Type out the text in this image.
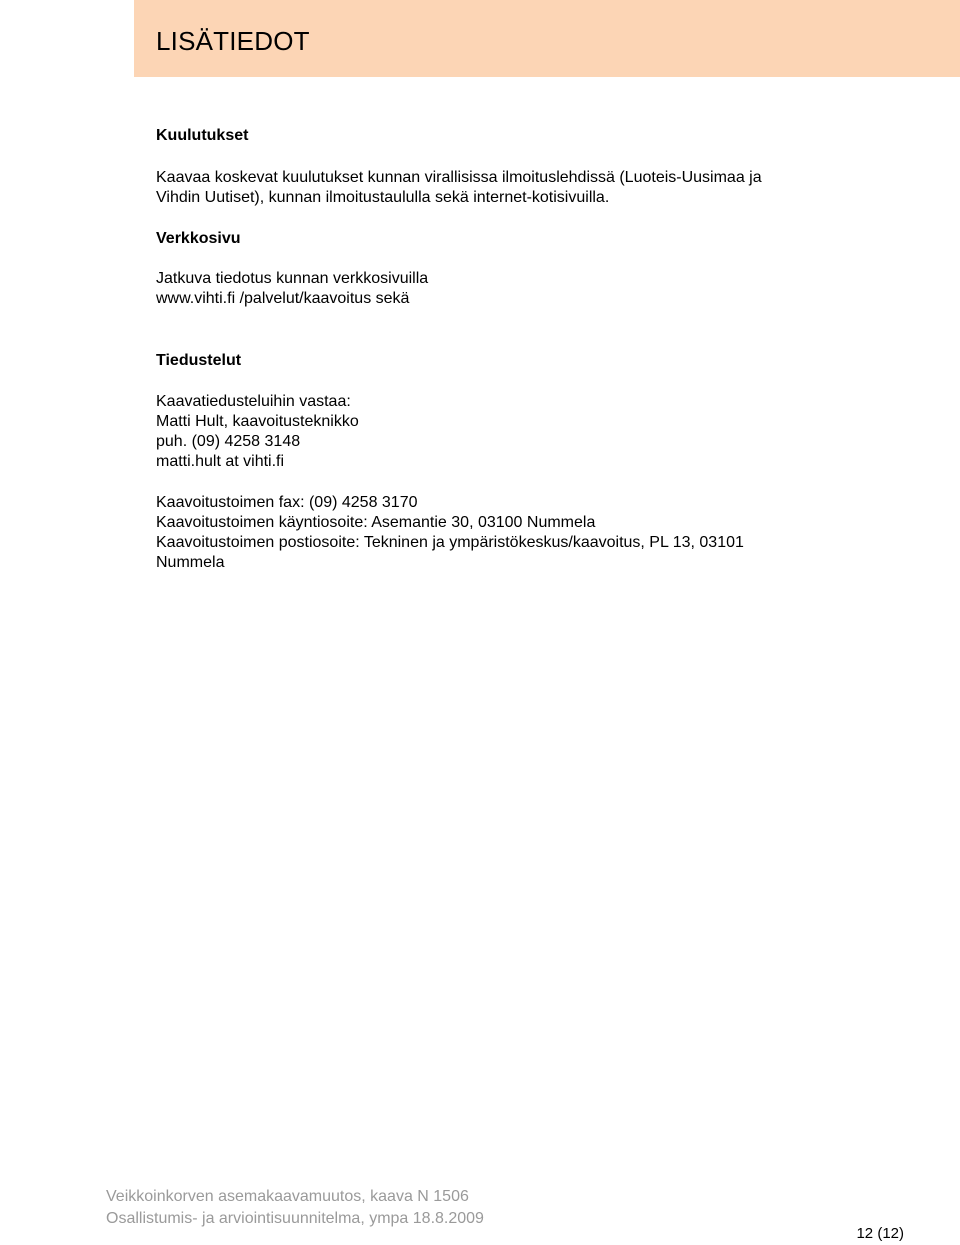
LISÄTIEDOT

Kuulutukset

Kaavaa koskevat kuulutukset kunnan virallisissa ilmoituslehdissä (Luoteis-Uusimaa ja

Vihdin Uutiset), kunnan ilmoitustaululla sekä internet-kotisivuilla.

Verkkosivu

Jatkuva tiedotus kunnan verkkosivuilla

www.vihti.fi /palvelut/kaavoitus sekä

Tiedustelut

Kaavatiedusteluihin vastaa:

Matti Hult, kaavoitusteknikko

puh. (09) 4258 3148

matti.hult at vihti.fi

Kaavoitustoimen fax: (09) 4258 3170

Kaavoitustoimen käyntiosoite: Asemantie 30, 03100 Nummela

Kaavoitustoimen postiosoite: Tekninen ja ympäristökeskus/kaavoitus, PL 13, 03101

Nummela

Veikkoinkorven asemakaavamuutos, kaava N 1506
Osallistumis- ja arviointisuunnitelma, ympa 18.8.2009
12 (12)
